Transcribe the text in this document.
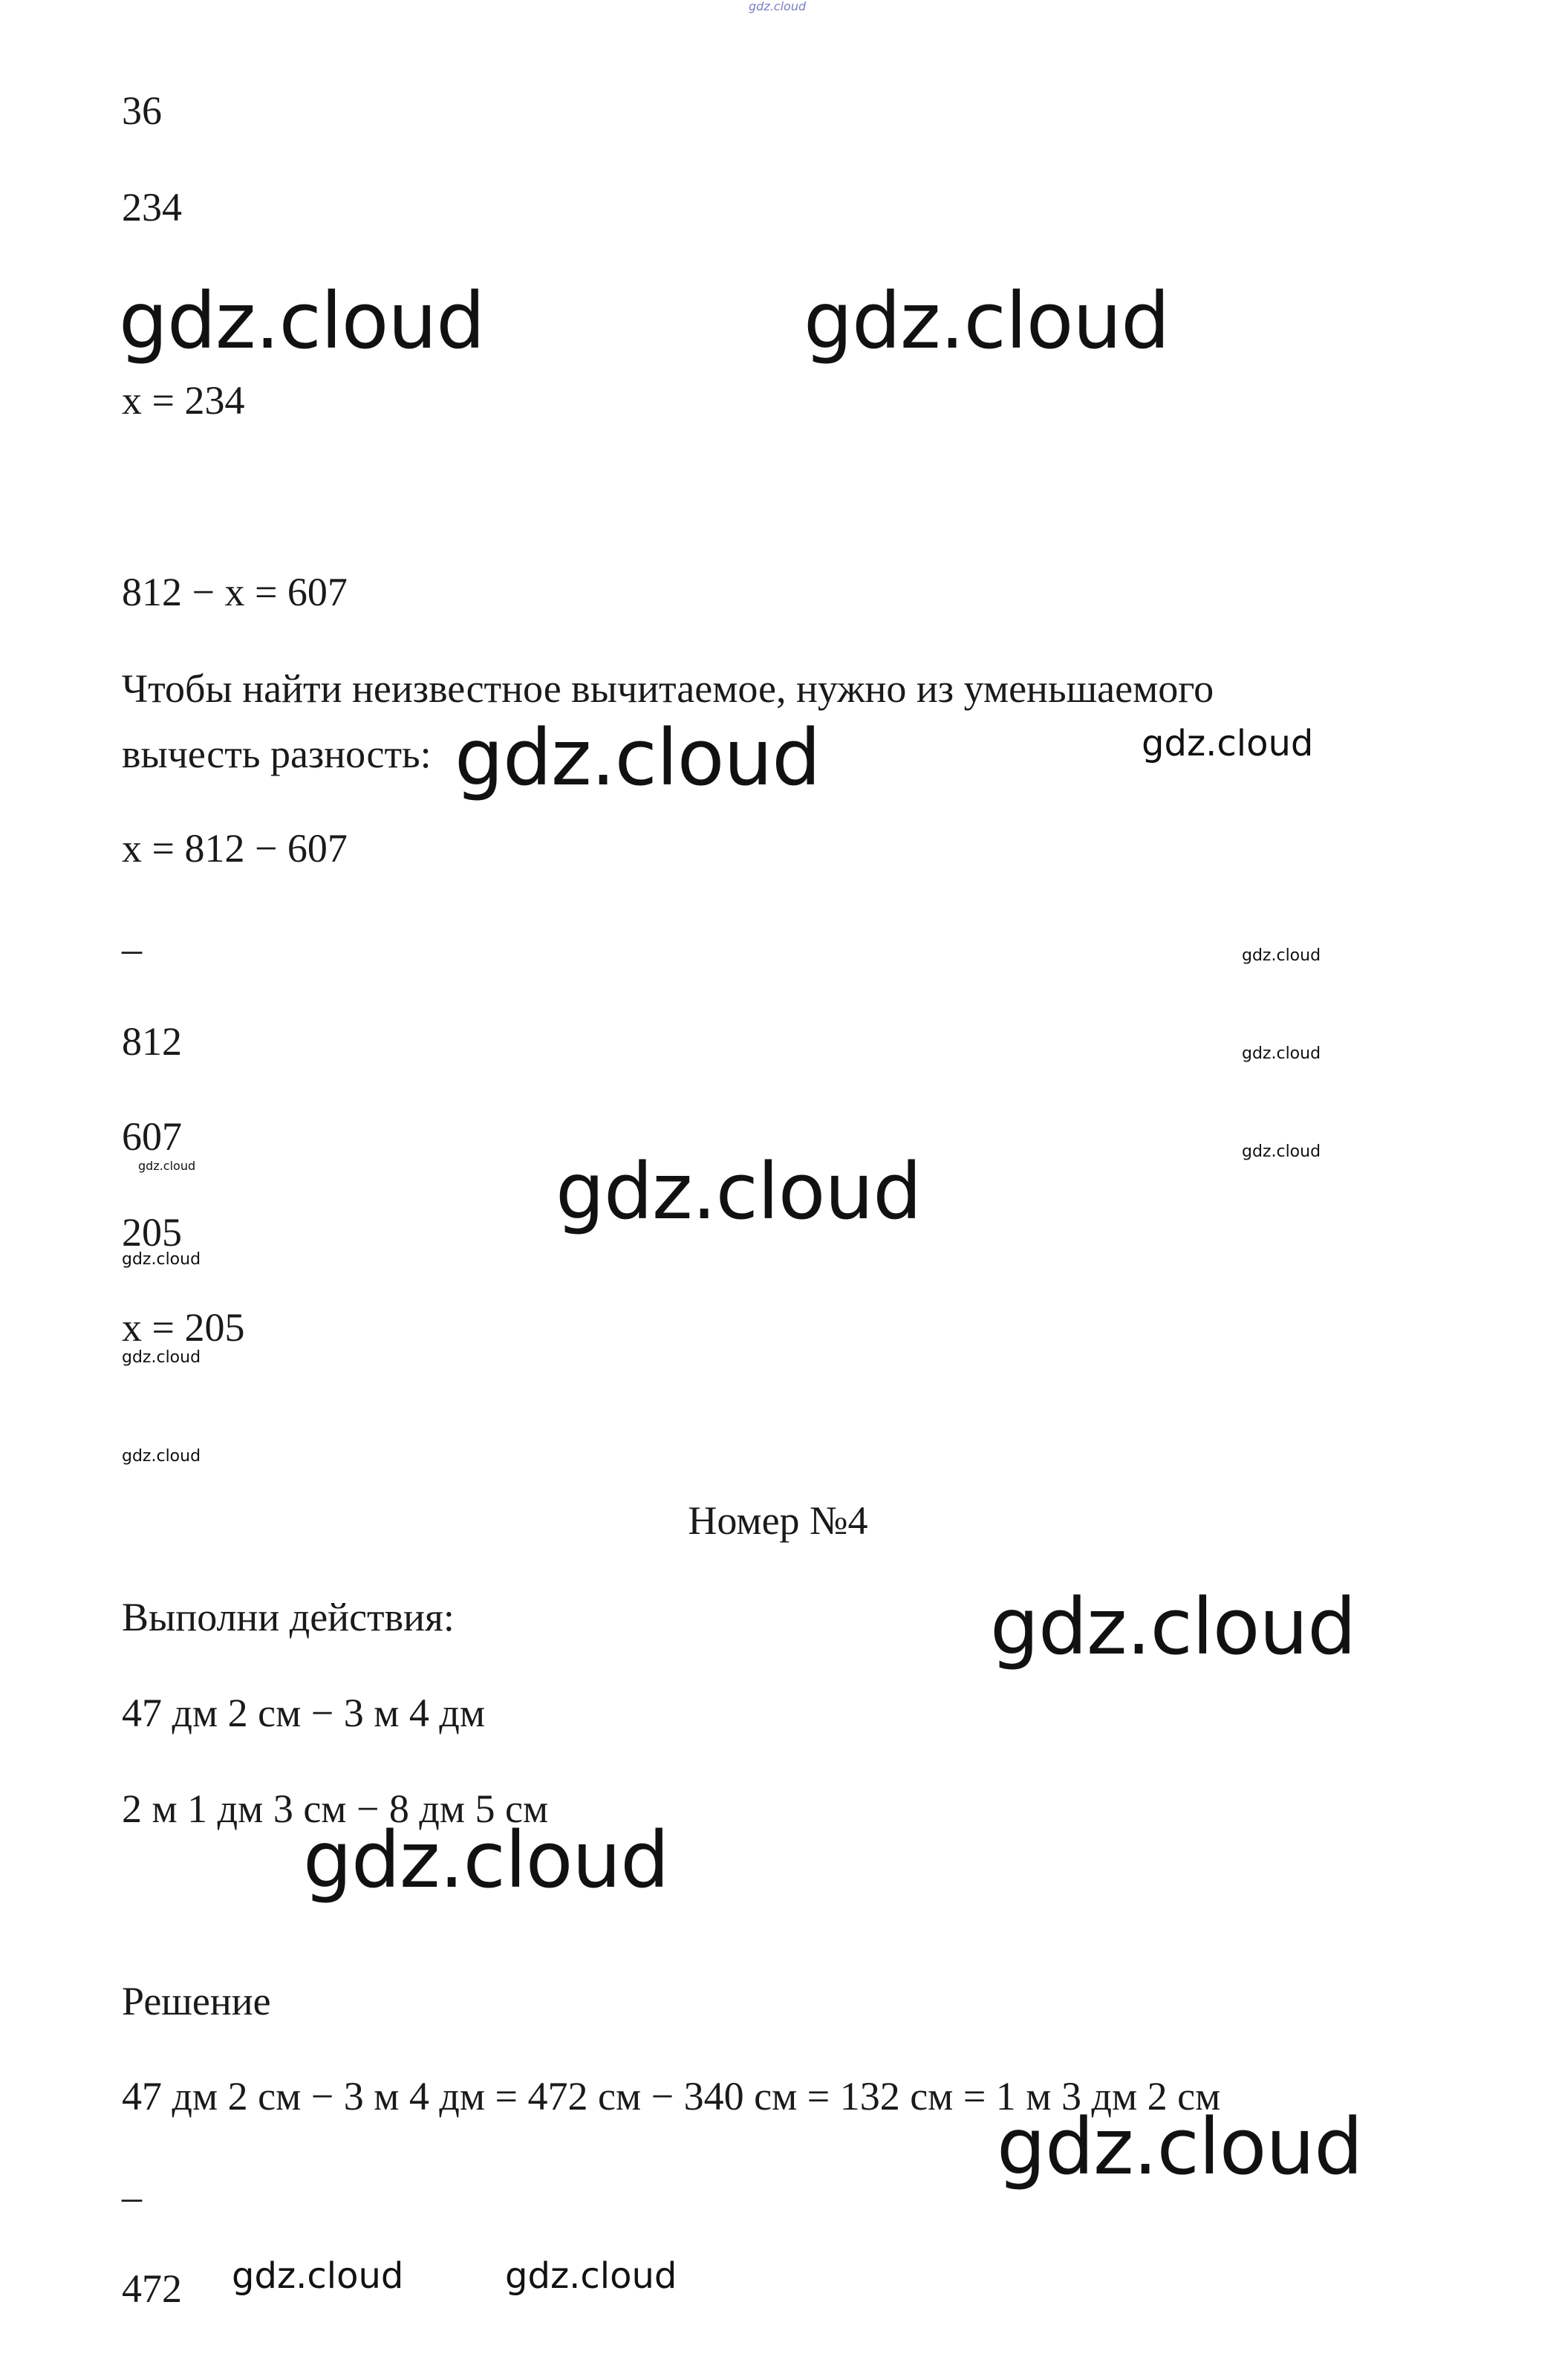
36

234

x = 234

812 − x = 607

Чтобы найти неизвестное вычитаемое, нужно из уменьшаемого

вычесть разность:

x = 812 − 607

_

812

607

205

x = 205

Номер №4

Выполни действия:

47 дм 2 см − 3 м 4 дм

2 м 1 дм 3 см − 8 дм 5 см

Решение

47 дм 2 см − 3 м 4 дм = 472 см − 340 см = 132 см = 1 м 3 дм 2 см

_

472

gdz.cloud
gdz.cloud	gdz.cloud
gdz.cloud	gdz.cloud
gdz.cloud
gdz.cloud
gdz.cloud
gdz.cloud	gdz.cloud
gdz.cloud
gdz.cloud
gdz.cloud
gdz.cloud
gdz.cloud
gdz.cloud
gdz.cloud	gdz.cloud
